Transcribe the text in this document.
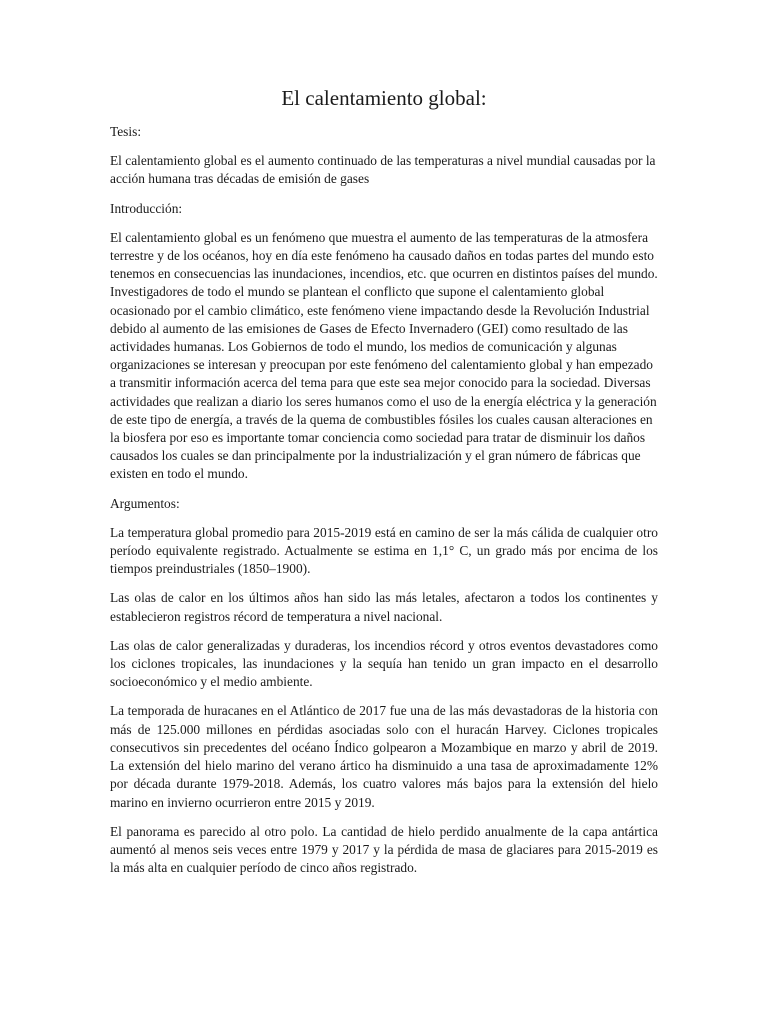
El calentamiento global:
Tesis:

El calentamiento global es el aumento continuado de las temperaturas a nivel mundial causadas por la acción humana tras décadas de emisión de gases

Introducción:

El calentamiento global es un fenómeno que muestra el aumento de las temperaturas de la atmosfera terrestre y de los océanos, hoy en día este fenómeno ha causado daños en todas partes del mundo esto tenemos en consecuencias las inundaciones, incendios, etc. que ocurren en distintos países del mundo. Investigadores de todo el mundo se plantean el conflicto que supone el calentamiento global ocasionado por el cambio climático, este fenómeno viene impactando desde la Revolución Industrial debido al aumento de las emisiones de Gases de Efecto Invernadero (GEI) como resultado de las actividades humanas. Los Gobiernos de todo el mundo, los medios de comunicación y algunas organizaciones se interesan y preocupan por este fenómeno del calentamiento global y han empezado a transmitir información acerca del tema para que este sea mejor conocido para la sociedad. Diversas actividades que realizan a diario los seres humanos como el uso de la energía eléctrica y la generación de este tipo de energía, a través de la quema de combustibles fósiles los cuales causan alteraciones en la biosfera por eso es importante tomar conciencia como sociedad para tratar de disminuir los daños causados los cuales se dan principalmente por la industrialización y el gran número de fábricas que existen en todo el mundo.

Argumentos:

La temperatura global promedio para 2015-2019 está en camino de ser la más cálida de cualquier otro período equivalente registrado. Actualmente se estima en 1,1° C, un grado más por encima de los tiempos preindustriales (1850–1900).

Las olas de calor en los últimos años han sido las más letales, afectaron a todos los continentes y establecieron registros récord de temperatura a nivel nacional.

Las olas de calor generalizadas y duraderas, los incendios récord y otros eventos devastadores como los ciclones tropicales, las inundaciones y la sequía han tenido un gran impacto en el desarrollo socioeconómico y el medio ambiente.

La temporada de huracanes en el Atlántico de 2017 fue una de las más devastadoras de la historia con más de 125.000 millones en pérdidas asociadas solo con el huracán Harvey. Ciclones tropicales consecutivos sin precedentes del océano Índico golpearon a Mozambique en marzo y abril de 2019. La extensión del hielo marino del verano ártico ha disminuido a una tasa de aproximadamente 12% por década durante 1979-2018. Además, los cuatro valores más bajos para la extensión del hielo marino en invierno ocurrieron entre 2015 y 2019.

El panorama es parecido al otro polo. La cantidad de hielo perdido anualmente de la capa antártica aumentó al menos seis veces entre 1979 y 2017 y la pérdida de masa de glaciares para 2015-2019 es la más alta en cualquier período de cinco años registrado.
